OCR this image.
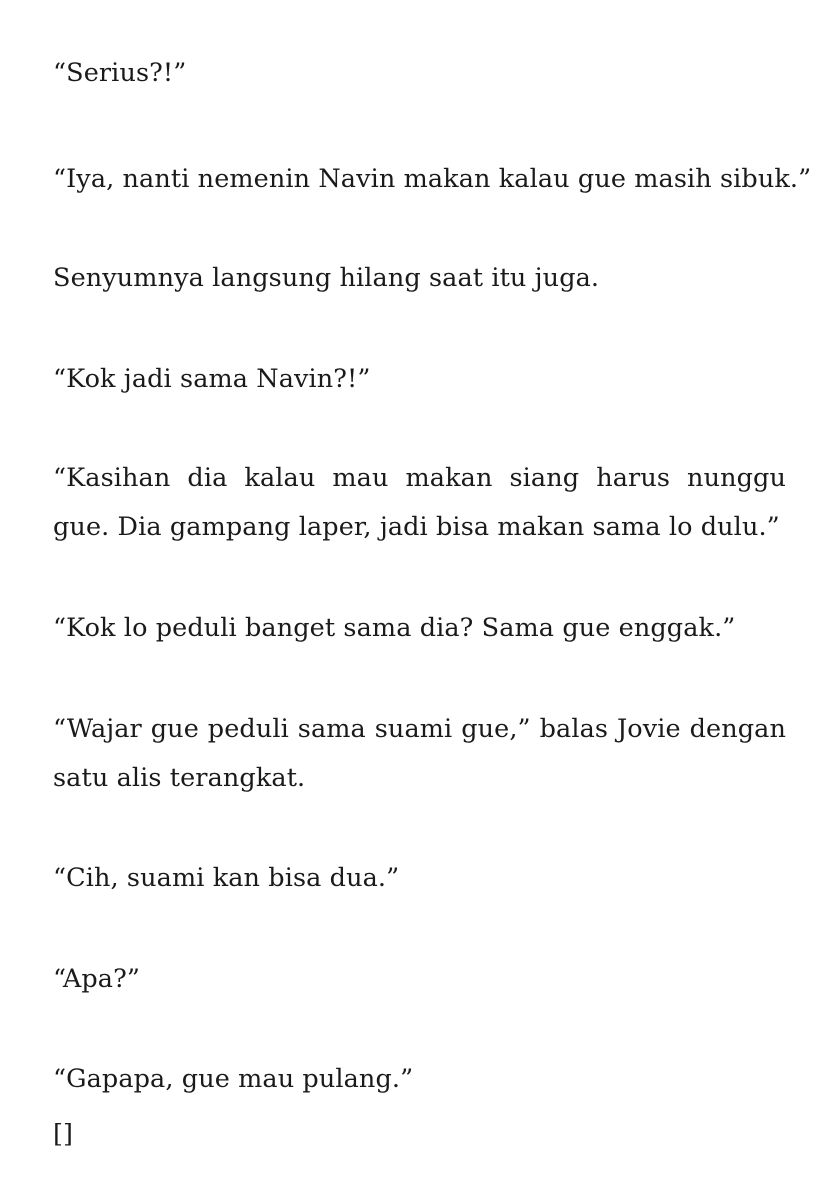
“Serius?!”

“Iya, nanti nemenin Navin makan kalau gue masih sibuk.”

Senyumnya langsung hilang saat itu juga.

“Kok jadi sama Navin?!”

“Kasihan dia kalau mau makan siang harus nunggu gue. Dia gampang laper, jadi bisa makan sama lo dulu.”

“Kok lo peduli banget sama dia? Sama gue enggak.”

“Wajar gue peduli sama suami gue,” balas Jovie dengan satu alis terangkat.

“Cih, suami kan bisa dua.”

“Apa?”

“Gapapa, gue mau pulang.”

[]
